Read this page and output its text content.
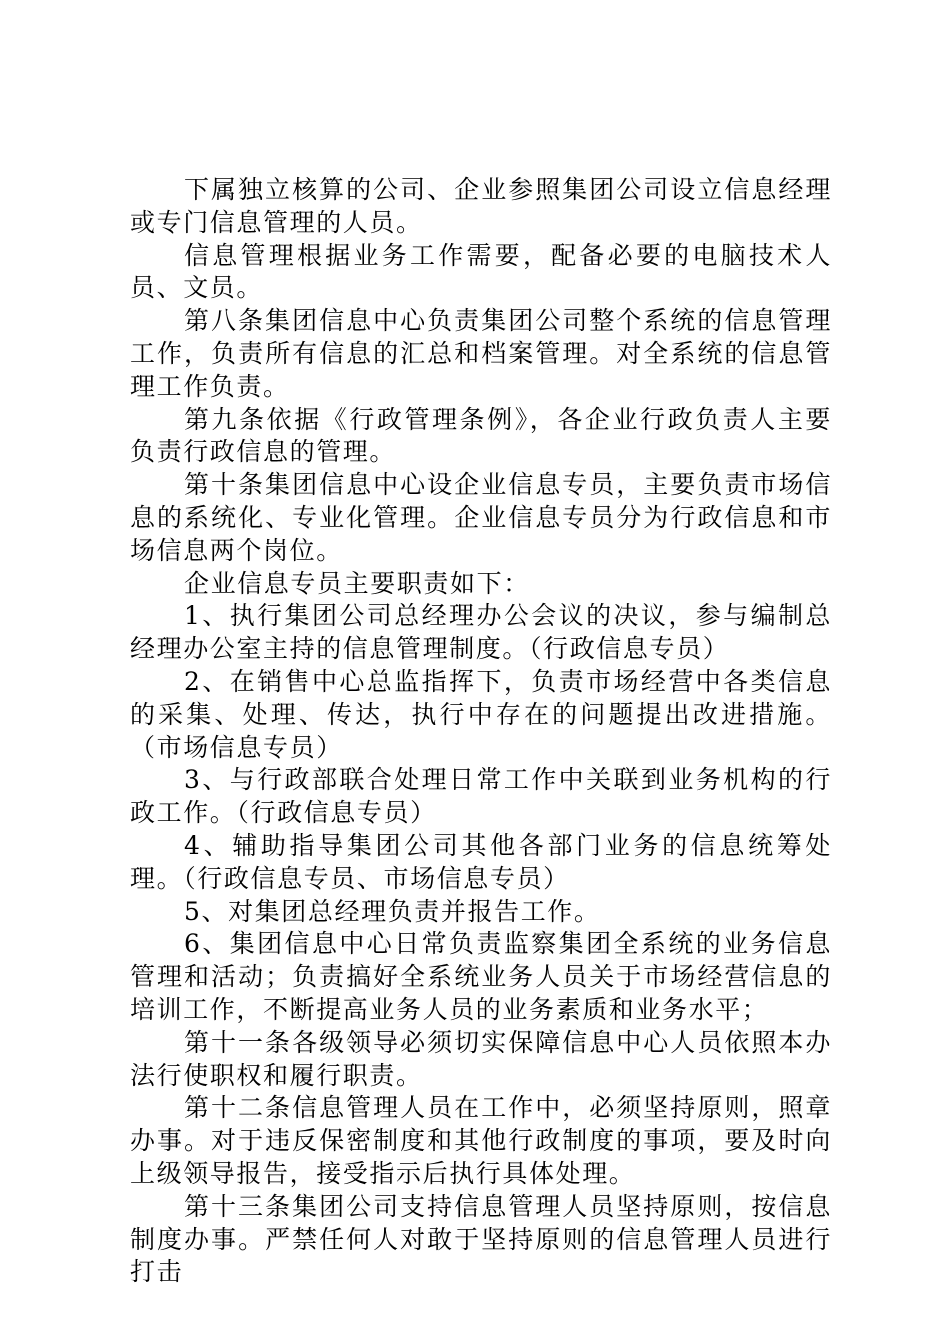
下属独立核算的公司、企业参照集团公司设立信息经理或专门信息管理的人员。

信息管理根据业务工作需要，配备必要的电脑技术人员、文员。

第八条集团信息中心负责集团公司整个系统的信息管理工作，负责所有信息的汇总和档案管理。对全系统的信息管理工作负责。

第九条依据《行政管理条例》，各企业行政负责人主要负责行政信息的管理。

第十条集团信息中心设企业信息专员，主要负责市场信息的系统化、专业化管理。企业信息专员分为行政信息和市场信息两个岗位。

企业信息专员主要职责如下：

1、执行集团公司总经理办公会议的决议，参与编制总经理办公室主持的信息管理制度。（行政信息专员）

2、在销售中心总监指挥下，负责市场经营中各类信息的采集、处理、传达，执行中存在的问题提出改进措施。（市场信息专员）

3、与行政部联合处理日常工作中关联到业务机构的行政工作。（行政信息专员）

4、辅助指导集团公司其他各部门业务的信息统筹处理。（行政信息专员、市场信息专员）

5、对集团总经理负责并报告工作。

6、集团信息中心日常负责监察集团全系统的业务信息管理和活动；负责搞好全系统业务人员关于市场经营信息的培训工作，不断提高业务人员的业务素质和业务水平；

第十一条各级领导必须切实保障信息中心人员依照本办法行使职权和履行职责。

第十二条信息管理人员在工作中，必须坚持原则，照章办事。对于违反保密制度和其他行政制度的事项，要及时向上级领导报告，接受指示后执行具体处理。

第十三条集团公司支持信息管理人员坚持原则，按信息制度办事。严禁任何人对敢于坚持原则的信息管理人员进行打击
